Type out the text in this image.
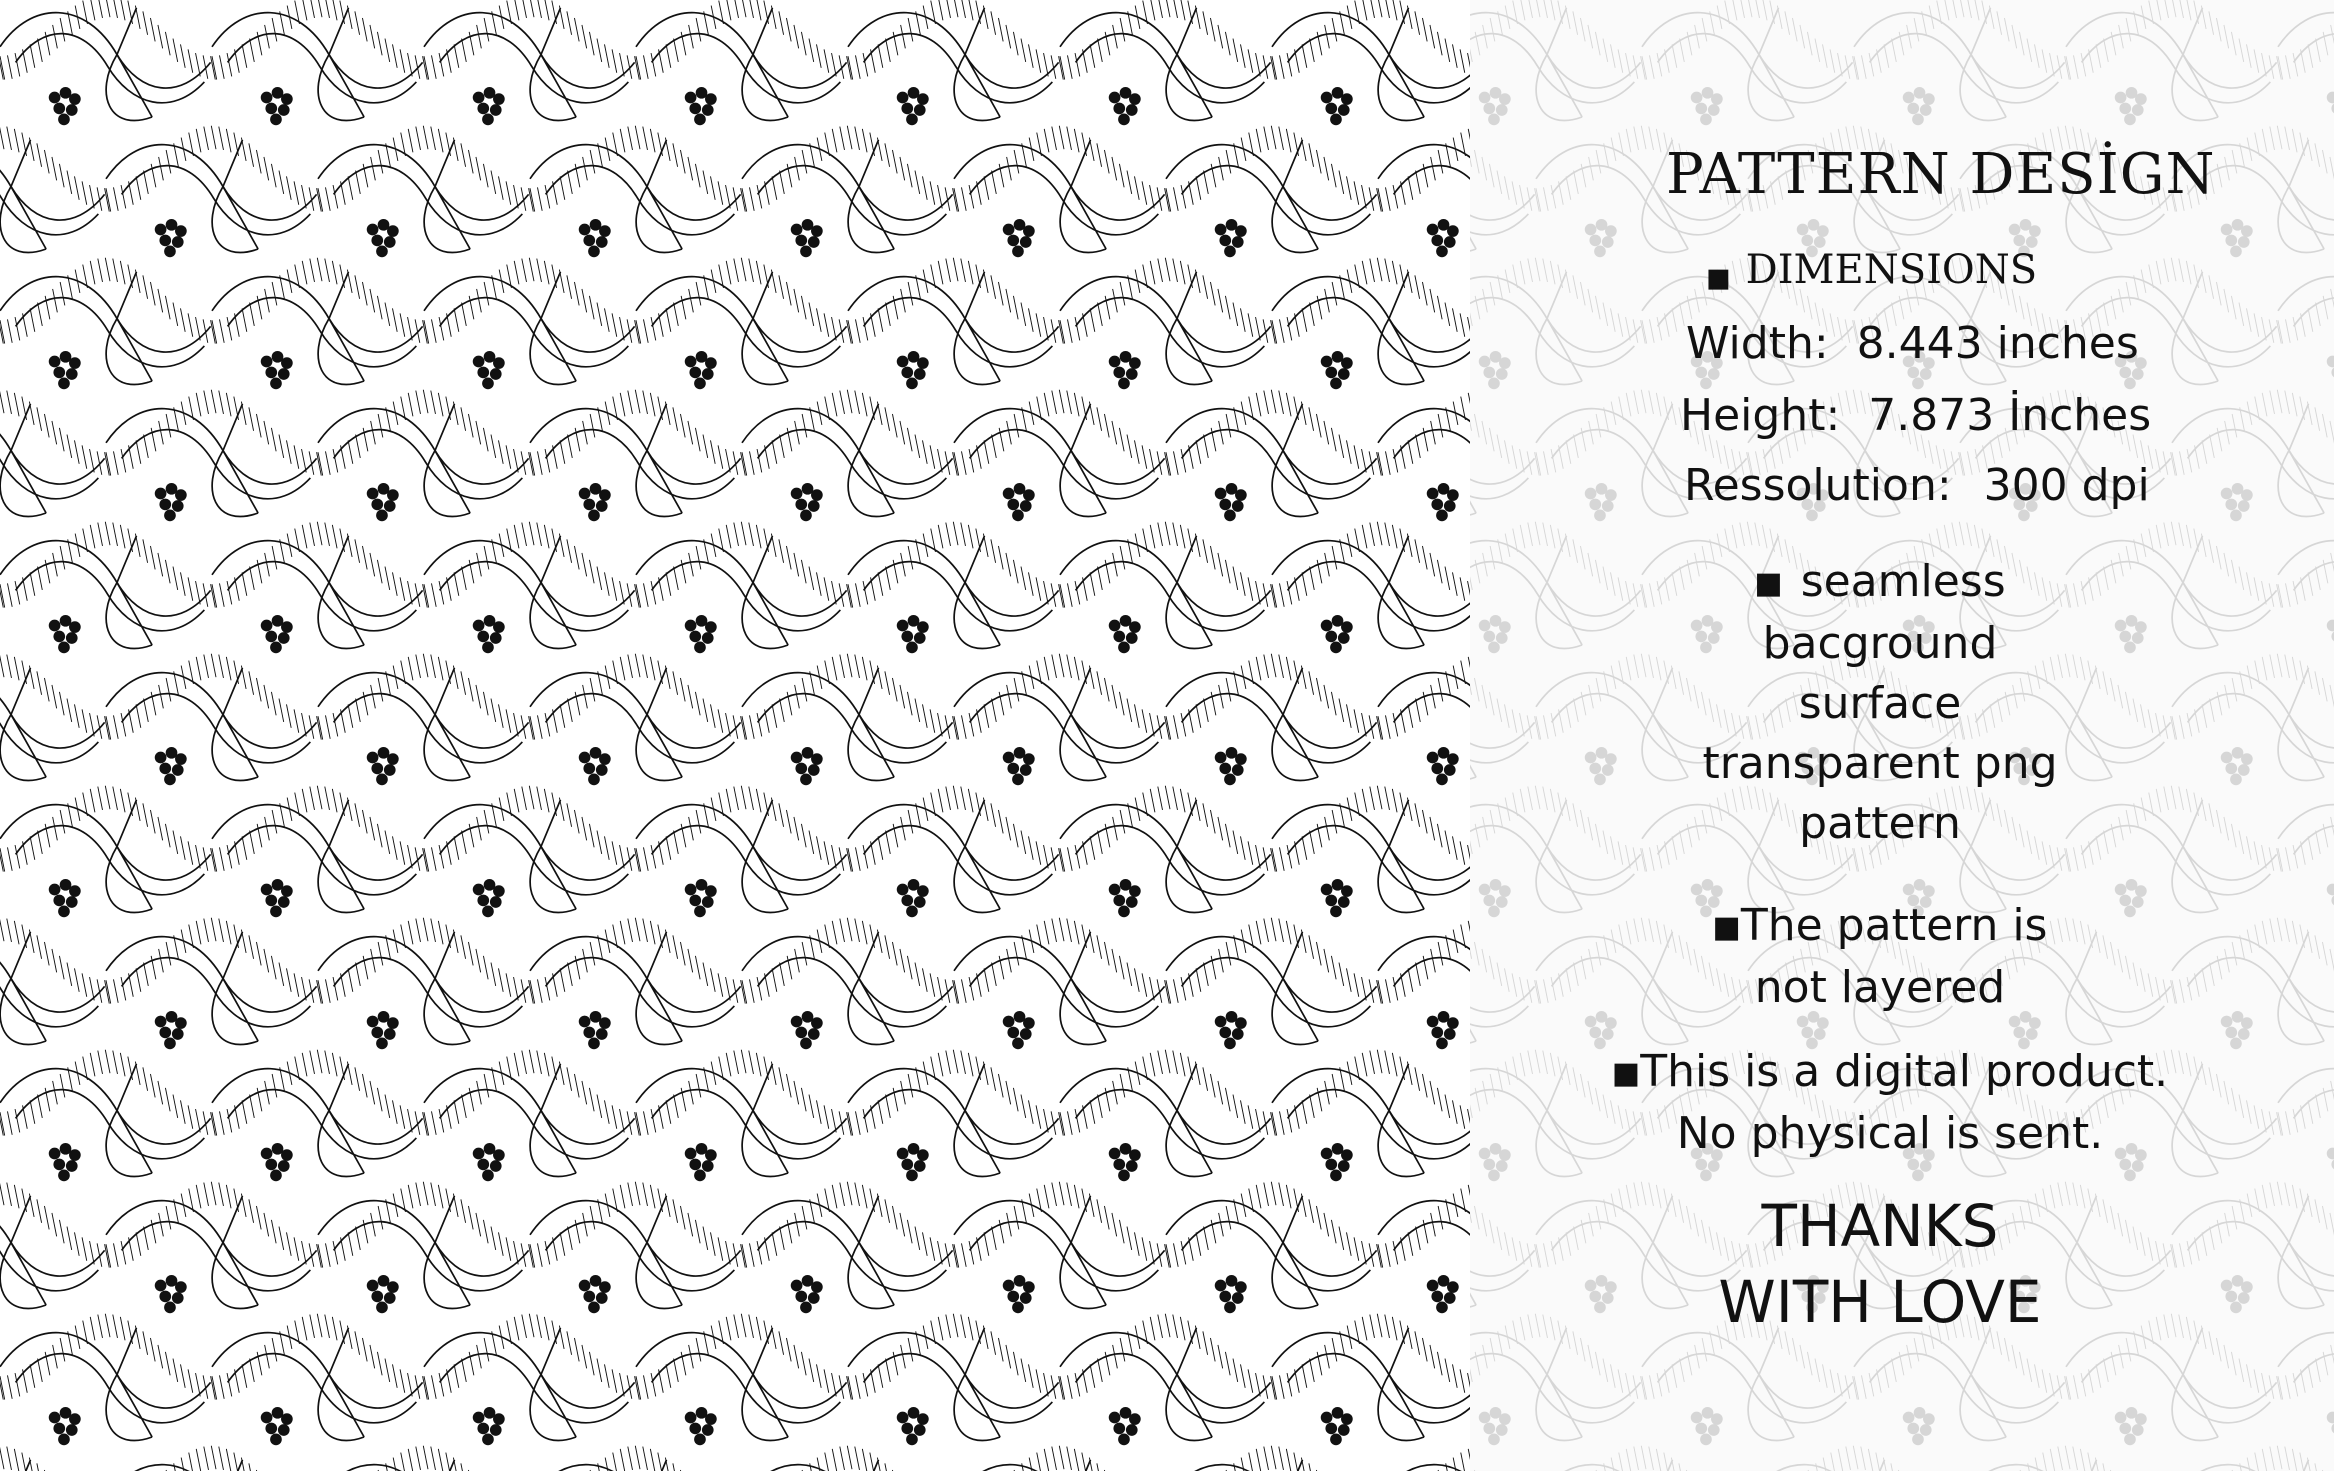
PATTERN DESİGN
■ DIMENSIONS
Width: 8.443 inches
Height: 7.873 İnches
Ressolution: 300 dpi
■ seamless
bacground
surface
transparent png
pattern
■The pattern is
not layered
■This is a digital product.
No physical is sent.
THANKS
WITH LOVE
